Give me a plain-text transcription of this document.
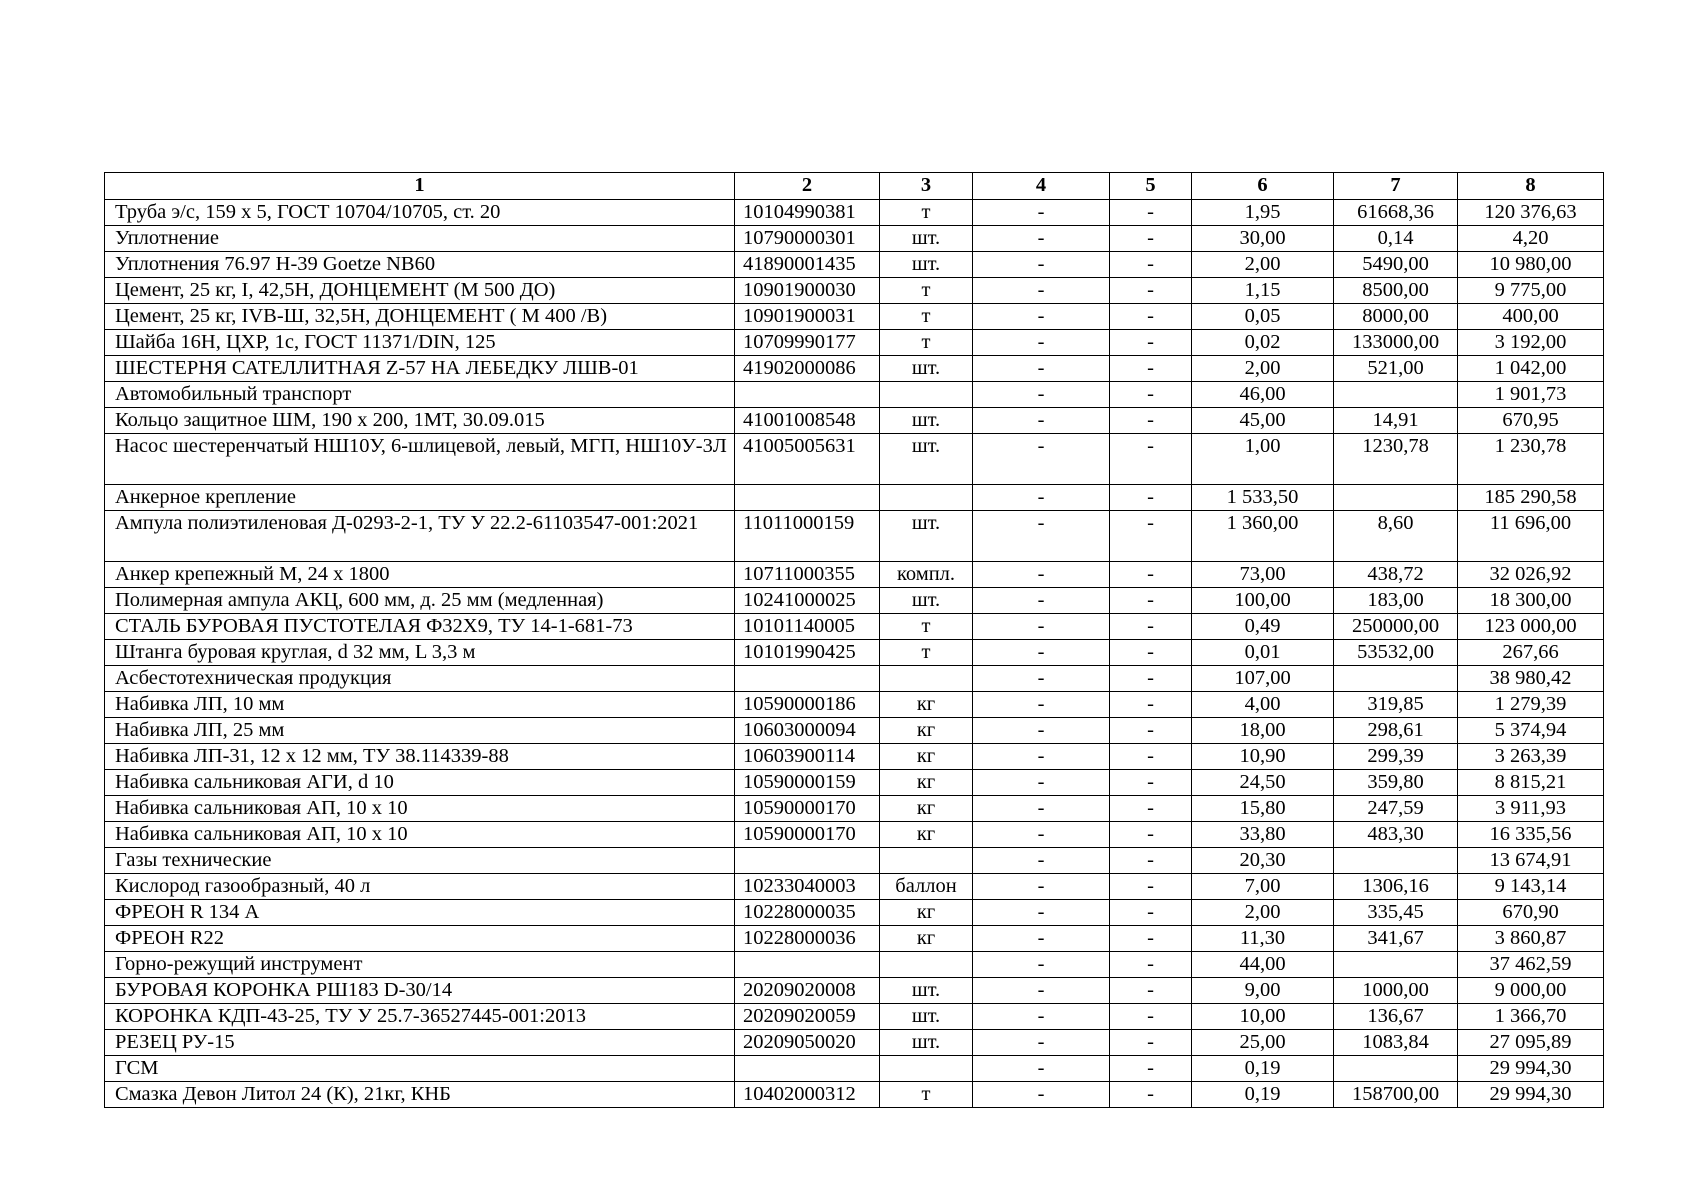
1	2	3	4	5	6	7	8
Труба э/с, 159 х 5, ГОСТ 10704/10705, ст. 20	10104990381	т	-	-	1,95	61668,36	120 376,63
Уплотнение	10790000301	шт.	-	-	30,00	0,14	4,20
Уплотнения 76.97 Н-39 Goetze NB60	41890001435	шт.	-	-	2,00	5490,00	10 980,00
Цемент, 25 кг, I, 42,5Н, ДОНЦЕМЕНТ (М 500 ДО)	10901900030	т	-	-	1,15	8500,00	9 775,00
Цемент, 25 кг, IVB-Ш, 32,5Н, ДОНЦЕМЕНТ ( М 400 /В)	10901900031	т	-	-	0,05	8000,00	400,00
Шайба 16Н, ЦХР, 1с, ГОСТ 11371/DIN, 125	10709990177	т	-	-	0,02	133000,00	3 192,00
ШЕСТЕРНЯ САТЕЛЛИТНАЯ Z-57 НА ЛЕБЕДКУ ЛШВ-01	41902000086	шт.	-	-	2,00	521,00	1 042,00
Автомобильный транспорт			-	-	46,00		1 901,73
Кольцо защитное ШМ, 190 х 200, 1МТ, 30.09.015	41001008548	шт.	-	-	45,00	14,91	670,95
Насос шестеренчатый НШ10У, 6-шлицевой, левый, МГП, НШ10У-3Л	41005005631	шт.	-	-	1,00	1230,78	1 230,78
Анкерное крепление			-	-	1 533,50		185 290,58
Ампула полиэтиленовая Д-0293-2-1, ТУ У 22.2-61103547-001:2021	11011000159	шт.	-	-	1 360,00	8,60	11 696,00
Анкер крепежный М, 24 х 1800	10711000355	компл.	-	-	73,00	438,72	32 026,92
Полимерная ампула АКЦ, 600 мм, д. 25 мм (медленная)	10241000025	шт.	-	-	100,00	183,00	18 300,00
СТАЛЬ БУРОВАЯ ПУСТОТЕЛАЯ Ф32Х9, ТУ 14-1-681-73	10101140005	т	-	-	0,49	250000,00	123 000,00
Штанга буровая круглая, d 32 мм, L 3,3 м	10101990425	т	-	-	0,01	53532,00	267,66
Асбестотехническая продукция			-	-	107,00		38 980,42
Набивка ЛП, 10 мм	10590000186	кг	-	-	4,00	319,85	1 279,39
Набивка ЛП, 25 мм	10603000094	кг	-	-	18,00	298,61	5 374,94
Набивка ЛП-31, 12 х 12 мм, ТУ 38.114339-88	10603900114	кг	-	-	10,90	299,39	3 263,39
Набивка сальниковая АГИ, d 10	10590000159	кг	-	-	24,50	359,80	8 815,21
Набивка сальниковая АП, 10 х 10	10590000170	кг	-	-	15,80	247,59	3 911,93
Набивка сальниковая АП, 10 х 10	10590000170	кг	-	-	33,80	483,30	16 335,56
Газы технические			-	-	20,30		13 674,91
Кислород газообразный, 40 л	10233040003	баллон	-	-	7,00	1306,16	9 143,14
ФРЕОН R 134 А	10228000035	кг	-	-	2,00	335,45	670,90
ФРЕОН R22	10228000036	кг	-	-	11,30	341,67	3 860,87
Горно-режущий инструмент			-	-	44,00		37 462,59
БУРОВАЯ КОРОНКА РШ183 D-30/14	20209020008	шт.	-	-	9,00	1000,00	9 000,00
КОРОНКА КДП-43-25, ТУ У 25.7-36527445-001:2013	20209020059	шт.	-	-	10,00	136,67	1 366,70
РЕЗЕЦ РУ-15	20209050020	шт.	-	-	25,00	1083,84	27 095,89
ГСМ			-	-	0,19		29 994,30
Смазка Девон Литол 24 (К), 21кг, КНБ	10402000312	т	-	-	0,19	158700,00	29 994,30
